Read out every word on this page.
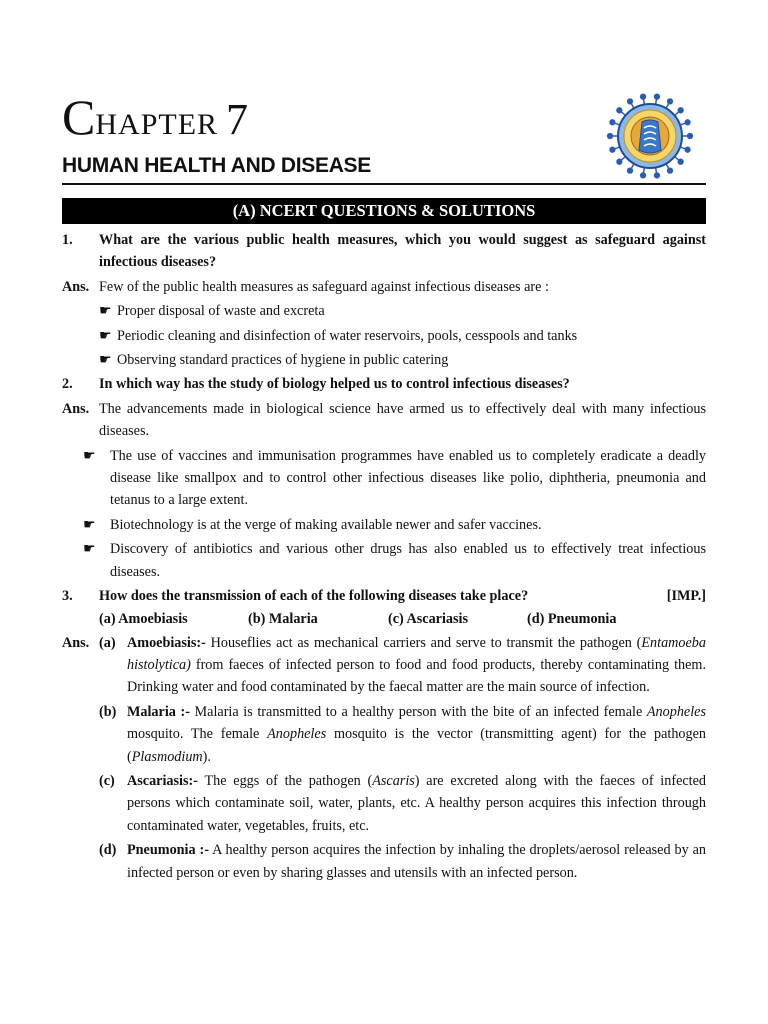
CHAPTER 7
HUMAN HEALTH AND DISEASE
(A) NCERT QUESTIONS & SOLUTIONS
1. What are the various public health measures, which you would suggest as safeguard against infectious diseases?
Ans. Few of the public health measures as safeguard against infectious diseases are :
☛ Proper disposal of waste and excreta
☛ Periodic cleaning and disinfection of water reservoirs, pools, cesspools and tanks
☛ Observing standard practices of hygiene in public catering
2. In which way has the study of biology helped us to control infectious diseases?
Ans. The advancements made in biological science have armed us to effectively deal with many infectious diseases.
☛ The use of vaccines and immunisation programmes have enabled us to completely eradicate a deadly disease like smallpox and to control other infectious diseases like polio, diphtheria, pneumonia and tetanus to a large extent.
☛ Biotechnology is at the verge of making available newer and safer vaccines.
☛ Discovery of antibiotics and various other drugs has also enabled us to effectively treat infectious diseases.
3. How does the transmission of each of the following diseases take place?	[IMP.]
(a) Amoebiasis	(b) Malaria	(c) Ascariasis	(d) Pneumonia
Ans. (a) Amoebiasis:- Houseflies act as mechanical carriers and serve to transmit the pathogen (Entamoeba histolytica) from faeces of infected person to food and food products, thereby contaminating them. Drinking water and food contaminated by the faecal matter are the main source of infection.
(b) Malaria :- Malaria is transmitted to a healthy person with the bite of an infected female Anopheles mosquito. The female Anopheles mosquito is the vector (transmitting agent) for the pathogen (Plasmodium).
(c) Ascariasis:- The eggs of the pathogen (Ascaris) are excreted along with the faeces of infected persons which contaminate soil, water, plants, etc. A healthy person acquires this infection through contaminated water, vegetables, fruits, etc.
(d) Pneumonia :- A healthy person acquires the infection by inhaling the droplets/aerosol released by an infected person or even by sharing glasses and utensils with an infected person.
